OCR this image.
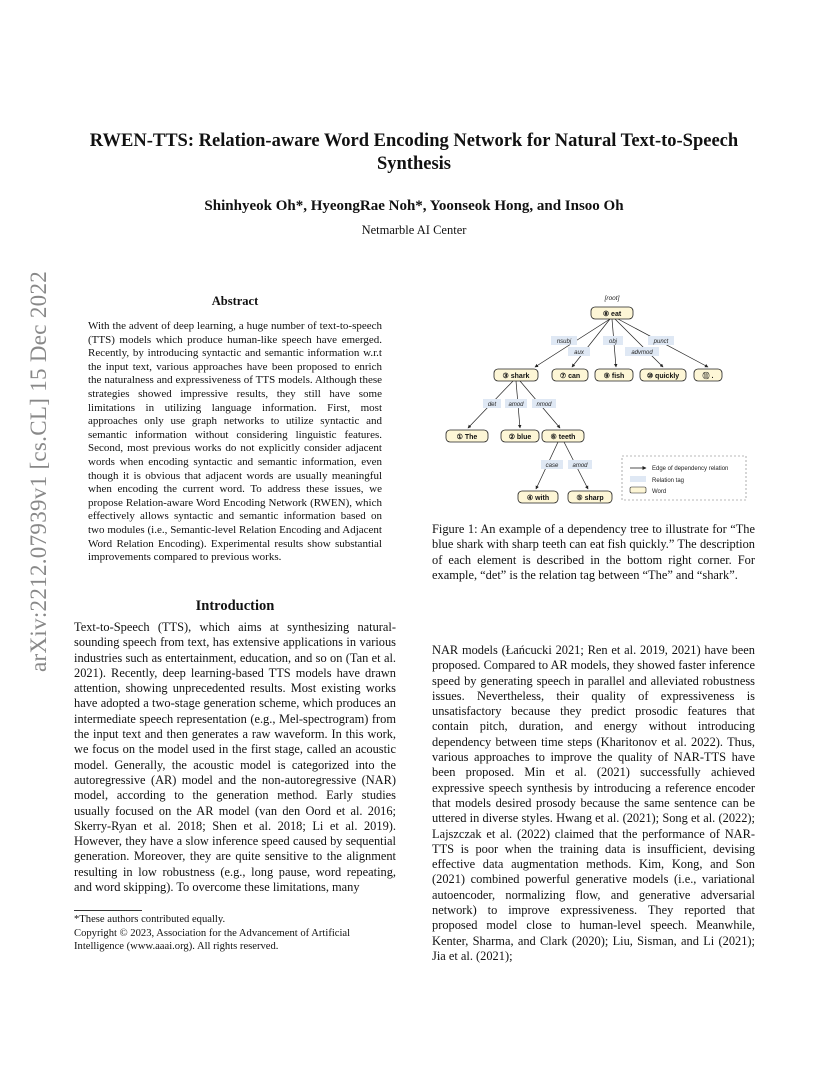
arXiv:2212.07939v1 [cs.CL] 15 Dec 2022
RWEN-TTS: Relation-aware Word Encoding Network for Natural Text-to-Speech
Synthesis
Shinhyeok Oh*, HyeongRae Noh*, Yoonseok Hong, and Insoo Oh
Netmarble AI Center
Abstract
With the advent of deep learning, a huge number of text-to-speech (TTS) models which produce human-like speech have emerged. Recently, by introducing syntactic and semantic information w.r.t the input text, various approaches have been proposed to enrich the naturalness and expressiveness of TTS models. Although these strategies showed impressive results, they still have some limitations in utilizing language information. First, most approaches only use graph networks to utilize syntactic and semantic information without considering linguistic features. Second, most previous works do not explicitly consider adjacent words when encoding syntactic and semantic information, even though it is obvious that adjacent words are usually meaningful when encoding the current word. To address these issues, we propose Relation-aware Word Encoding Network (RWEN), which effectively allows syntactic and semantic information based on two modules (i.e., Semantic-level Relation Encoding and Adjacent Word Relation Encoding). Experimental results show substantial improvements compared to previous works.
Introduction
Text-to-Speech (TTS), which aims at synthesizing natural-sounding speech from text, has extensive applications in various industries such as entertainment, education, and so on (Tan et al. 2021). Recently, deep learning-based TTS models have drawn attention, showing unprecedented results. Most existing works have adopted a two-stage generation scheme, which produces an intermediate speech representation (e.g., Mel-spectrogram) from the input text and then generates a raw waveform. In this work, we focus on the model used in the first stage, called an acoustic model. Generally, the acoustic model is categorized into the autoregressive (AR) model and the non-autoregressive (NAR) model, according to the generation method. Early studies usually focused on the AR model (van den Oord et al. 2016; Skerry-Ryan et al. 2018; Shen et al. 2018; Li et al. 2019). However, they have a slow inference speed caused by sequential generation. Moreover, they are quite sensitive to the alignment resulting in low robustness (e.g., long pause, word repeating, and word skipping). To overcome these limitations, many
*These authors contributed equally.
Copyright © 2023, Association for the Advancement of Artificial Intelligence (www.aaai.org). All rights reserved.
[root]
nsubj
aux
obj
advmod
punct
det amod nmod
case amod
⑧ eat
③ shark	⑦ can	⑨ fish	⑩ quickly	⑪ .
① The	② blue	⑥ teeth
④ with	⑤ sharp
Edge of dependency relation
Relation tag
Word
Figure 1: An example of a dependency tree to illustrate for “The blue shark with sharp teeth can eat fish quickly.” The description of each element is described in the bottom right corner. For example, “det” is the relation tag between “The” and “shark”.
NAR models (Łańcucki 2021; Ren et al. 2019, 2021) have been proposed. Compared to AR models, they showed faster inference speed by generating speech in parallel and alleviated robustness issues. Nevertheless, their quality of expressiveness is unsatisfactory because they predict prosodic features that contain pitch, duration, and energy without introducing dependency between time steps (Kharitonov et al. 2022). Thus, various approaches to improve the quality of NAR-TTS have been proposed. Min et al. (2021) successfully achieved expressive speech synthesis by introducing a reference encoder that models desired prosody because the same sentence can be uttered in diverse styles. Hwang et al. (2021); Song et al. (2022); Lajszczak et al. (2022) claimed that the performance of NAR-TTS is poor when the training data is insufficient, devising effective data augmentation methods. Kim, Kong, and Son (2021) combined powerful generative models (i.e., variational autoencoder, normalizing flow, and generative adversarial network) to improve expressiveness. They reported that proposed model close to human-level speech. Meanwhile, Kenter, Sharma, and Clark (2020); Liu, Sisman, and Li (2021); Jia et al. (2021);
